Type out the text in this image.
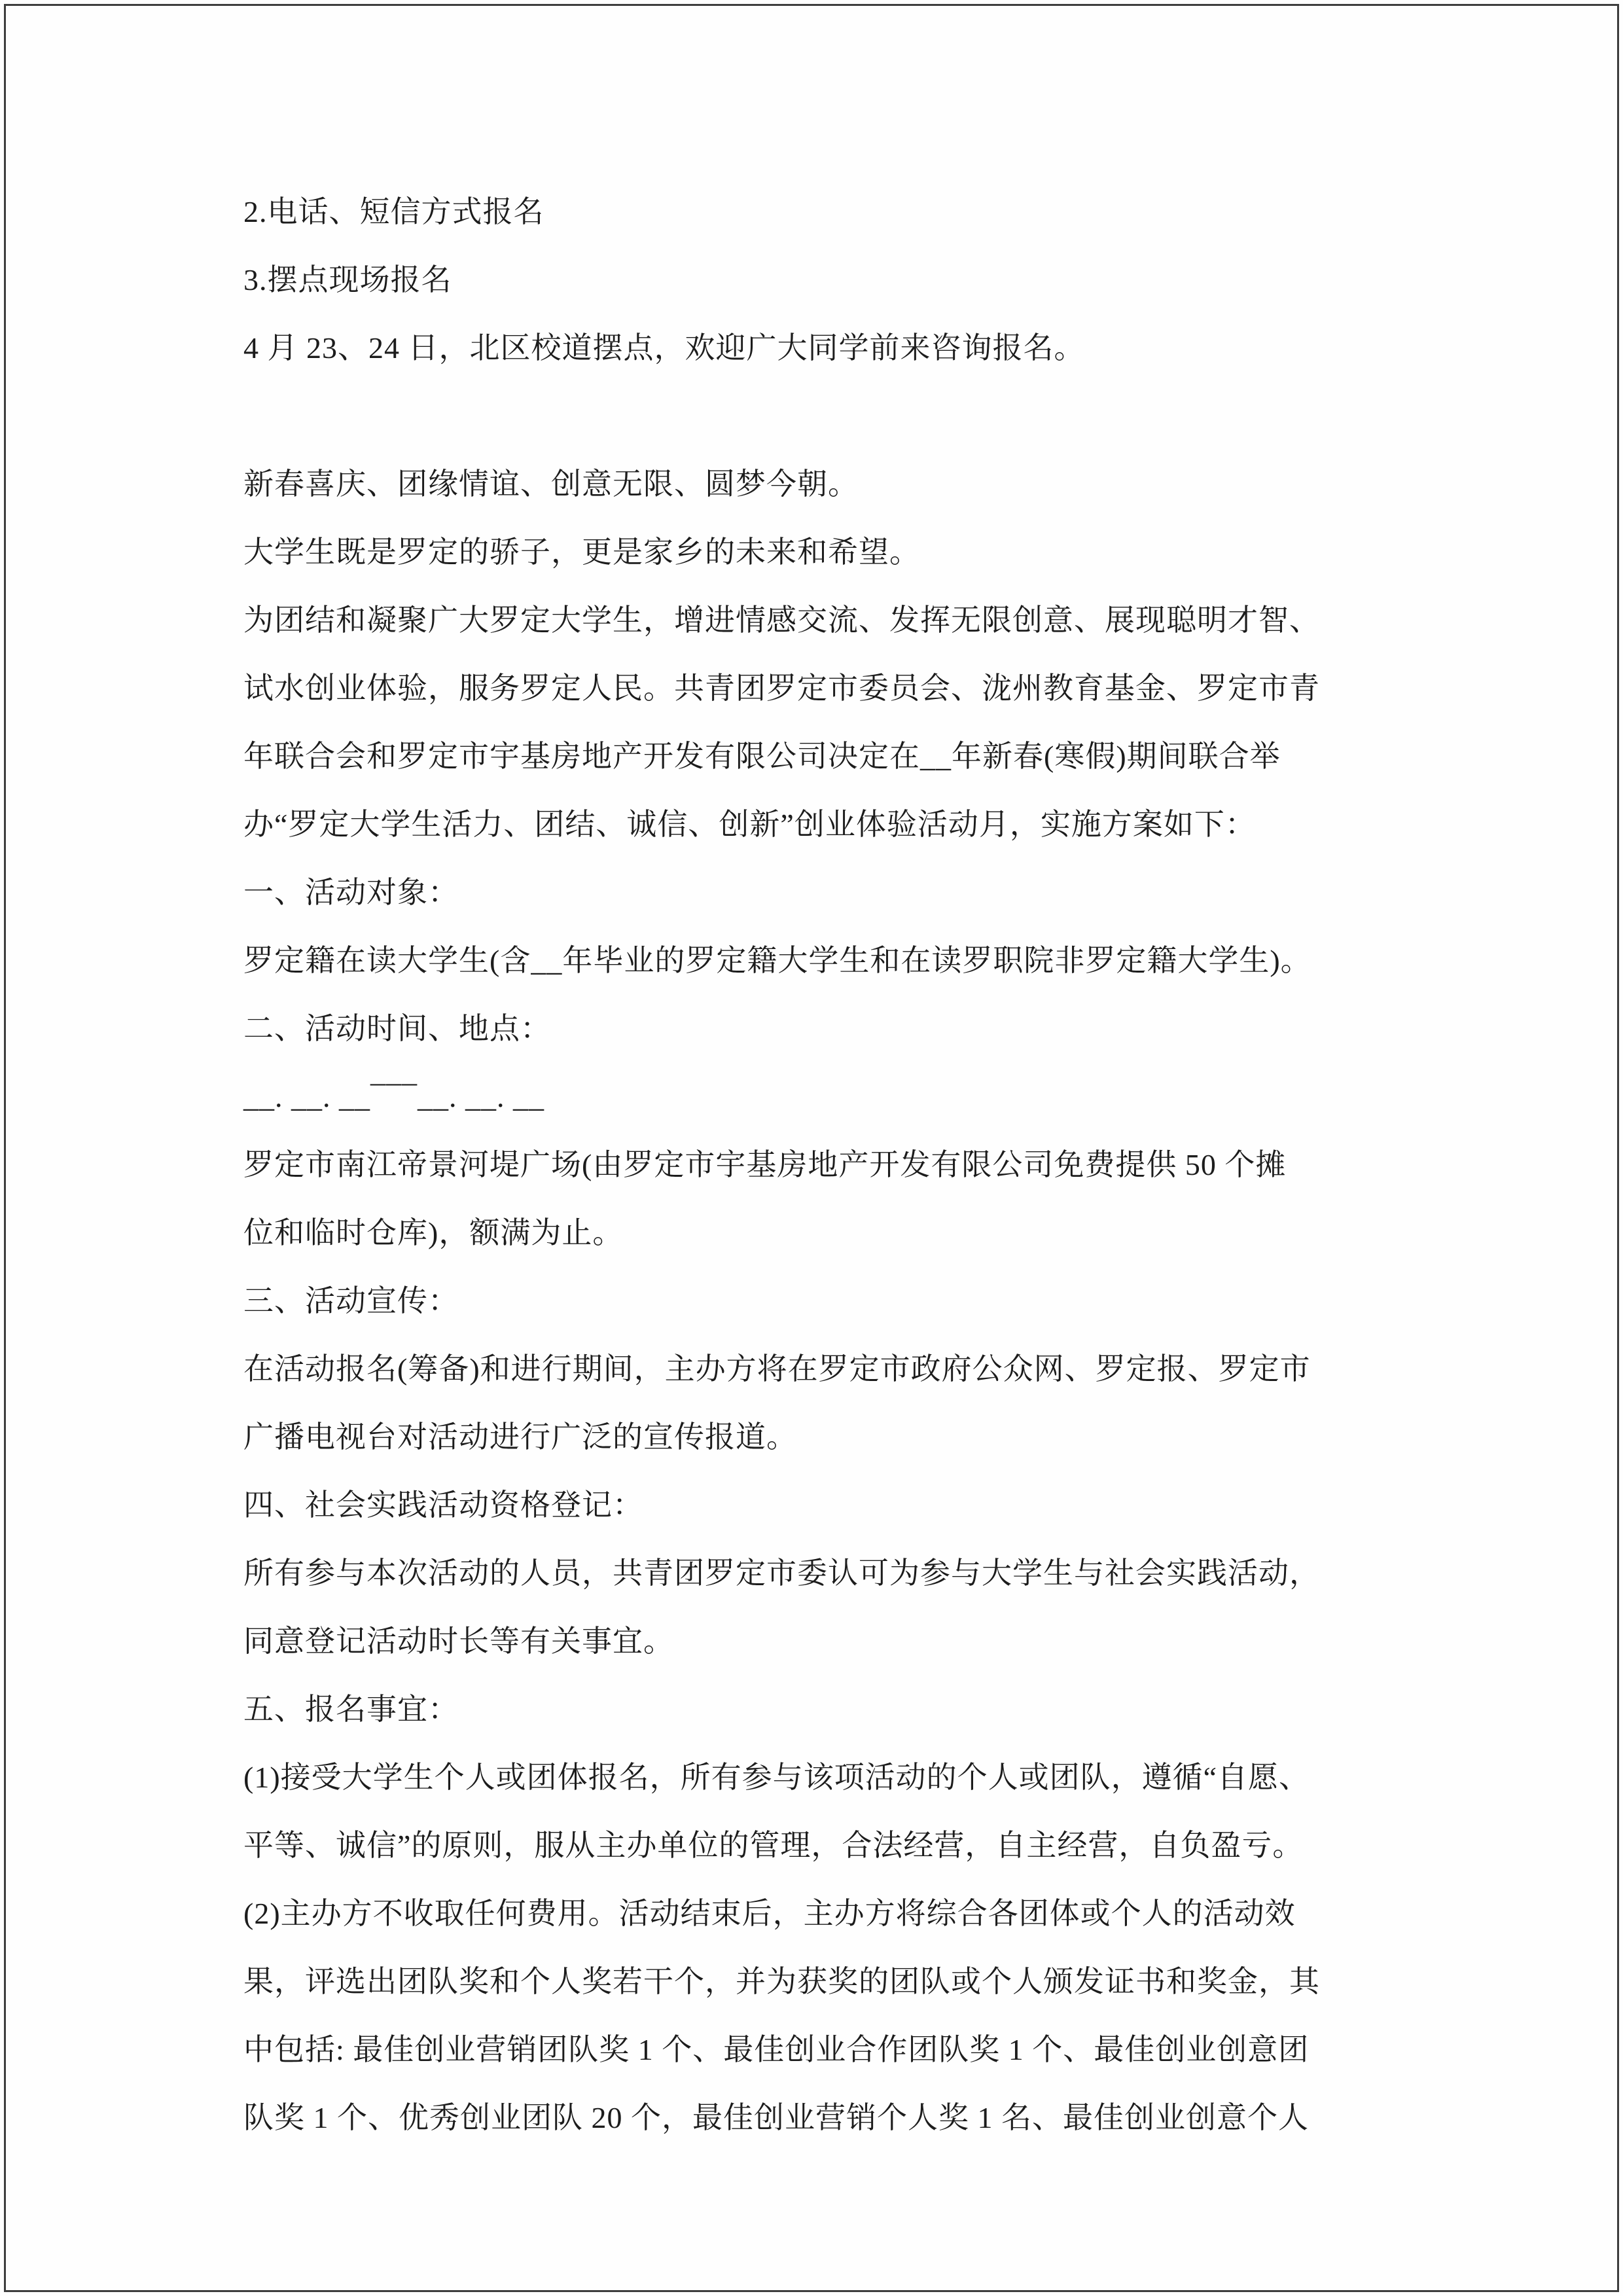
2.电话、短信方式报名

3.摆点现场报名

4 月 23、24 日，北区校道摆点，欢迎广大同学前来咨询报名。

新春喜庆、团缘情谊、创意无限、圆梦今朝。

大学生既是罗定的骄子，更是家乡的未来和希望。

为团结和凝聚广大罗定大学生，增进情感交流、发挥无限创意、展现聪明才智、

试水创业体验，服务罗定人民。共青团罗定市委员会、泷州教育基金、罗定市青

年联合会和罗定市宇基房地产开发有限公司决定在__年新春(寒假)期间联合举

办“罗定大学生活力、团结、诚信、创新”创业体验活动月，实施方案如下：

一、活动对象：

罗定籍在读大学生(含__年毕业的罗定籍大学生和在读罗职院非罗定籍大学生)。

二、活动时间、地点：

__. __. __¯¯¯__. __. __

罗定市南江帝景河堤广场(由罗定市宇基房地产开发有限公司免费提供 50 个摊

位和临时仓库)，额满为止。

三、活动宣传：

在活动报名(筹备)和进行期间，主办方将在罗定市政府公众网、罗定报、罗定市

广播电视台对活动进行广泛的宣传报道。

四、社会实践活动资格登记：

所有参与本次活动的人员，共青团罗定市委认可为参与大学生与社会实践活动，

同意登记活动时长等有关事宜。

五、报名事宜：

(1)接受大学生个人或团体报名，所有参与该项活动的个人或团队，遵循“自愿、

平等、诚信”的原则，服从主办单位的管理，合法经营，自主经营，自负盈亏。

(2)主办方不收取任何费用。活动结束后，主办方将综合各团体或个人的活动效

果，评选出团队奖和个人奖若干个，并为获奖的团队或个人颁发证书和奖金，其

中包括: 最佳创业营销团队奖 1 个、最佳创业合作团队奖 1 个、最佳创业创意团

队奖 1 个、优秀创业团队 20 个，最佳创业营销个人奖 1 名、最佳创业创意个人
